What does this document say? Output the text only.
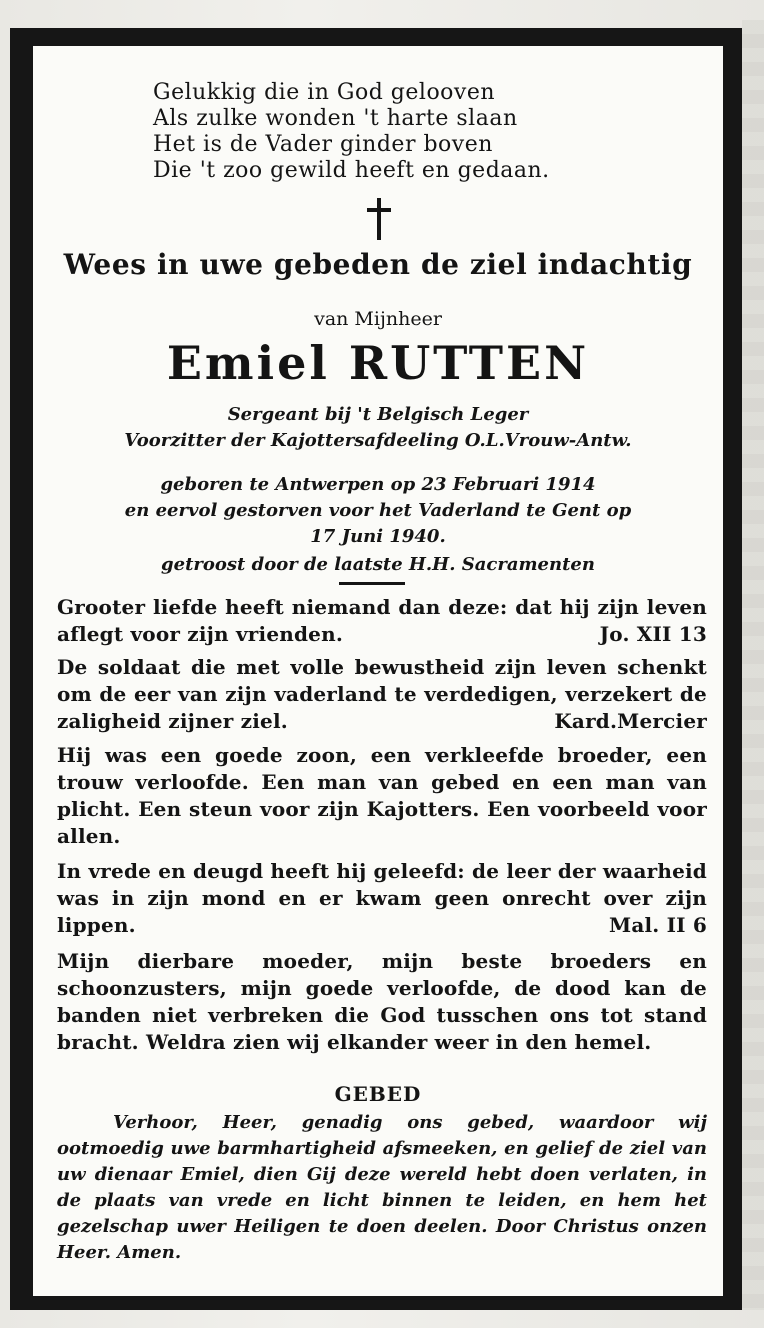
Gelukkig die in God gelooven
Als zulke wonden 't harte slaan
Het is de Vader ginder boven
Die 't zoo gewild heeft en gedaan.
Wees in uwe gebeden de ziel indachtig
van Mijnheer
Emiel RUTTEN
Sergeant bij 't Belgisch Leger
Voorzitter der Kajottersafdeeling O.L.Vrouw-Antw.
geboren te Antwerpen op 23 Februari 1914
en eervol gestorven voor het Vaderland te Gent op
17 Juni 1940.
getroost door de laatste H.H. Sacramenten
Grooter liefde heeft niemand dan deze: dat hij zijn leven aflegt voor zijn vrienden.	Jo. XII 13
De soldaat die met volle bewustheid zijn leven schenkt om de eer van zijn vaderland te verdedigen, verzekert de zaligheid zijner ziel.	Kard.Mercier
Hij was een goede zoon, een verkleefde broeder, een trouw verloofde. Een man van gebed en een man van plicht. Een steun voor zijn Kajotters. Een voorbeeld voor allen.
In vrede en deugd heeft hij geleefd: de leer der waarheid was in zijn mond en er kwam geen onrecht over zijn lippen.	Mal. II 6
Mijn dierbare moeder, mijn beste broeders en schoonzusters, mijn goede verloofde, de dood kan de banden niet verbreken die God tusschen ons tot stand bracht. Weldra zien wij elkander weer in den hemel.
GEBED
Verhoor, Heer, genadig ons gebed, waardoor wij ootmoedig uwe barmhartigheid afsmeeken, en gelief de ziel van uw dienaar Emiel, dien Gij deze wereld hebt doen verlaten, in de plaats van vrede en licht binnen te leiden, en hem het gezelschap uwer Heiligen te doen deelen. Door Christus onzen Heer. Amen.
